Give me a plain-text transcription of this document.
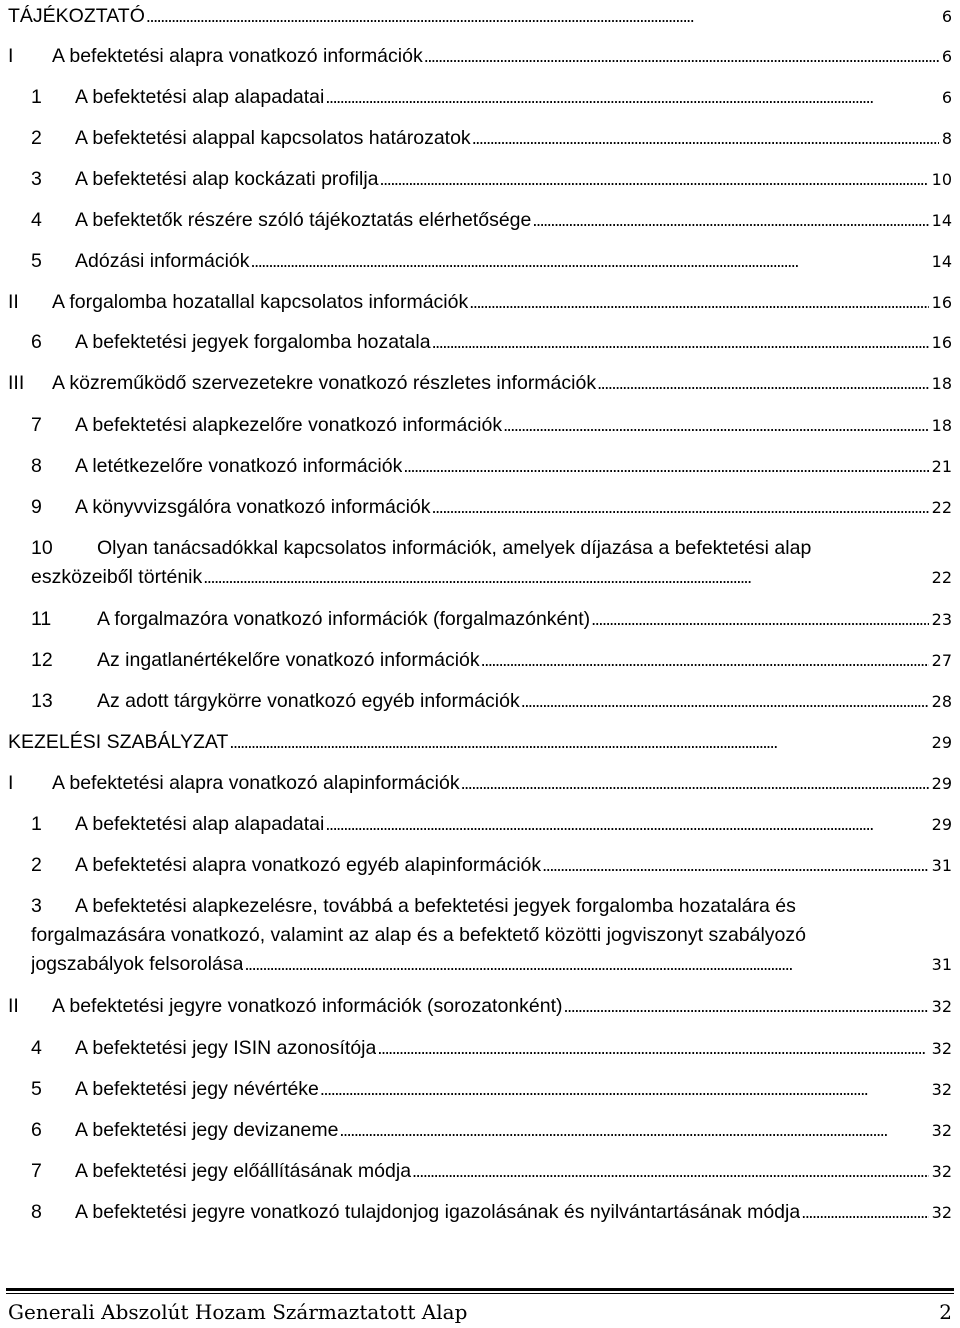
TÁJÉKOZTATÓ . . .	6
I	A befektetési alapra vonatkozó információk . . .	6
1	A befektetési alap alapadatai . . .	6
2	A befektetési alappal kapcsolatos határozatok . . .	8
3	A befektetési alap kockázati profilja . . .	10
4	A befektetők részére szóló tájékoztatás elérhetősége . . .	14
5	Adózási információk . . .	14
II	A forgalomba hozatallal kapcsolatos információk . . .	16
6	A befektetési jegyek forgalomba hozatala . . .	16
III	A közreműködő szervezetekre vonatkozó részletes információk . . .	18
7	A befektetési alapkezelőre vonatkozó információk . . .	18
8	A letétkezelőre vonatkozó információk . . .	21
9	A könyvvizsgálóra vonatkozó információk . . .	22
10 Olyan tanácsadókkal kapcsolatos információk, amelyek díjazása a befektetési alap
eszközeiből történik . . .	22
11	A forgalmazóra vonatkozó információk (forgalmazónként) . . .	23
12	Az ingatlanértékelőre vonatkozó információk . . .	27
13	Az adott tárgykörre vonatkozó egyéb információk . . .	28
KEZELÉSI SZABÁLYZAT . . .	29
I	A befektetési alapra vonatkozó alapinformációk . . .	29
1	A befektetési alap alapadatai . . .	29
2	A befektetési alapra vonatkozó egyéb alapinformációk . . .	31
3 A befektetési alapkezelésre, továbbá a befektetési jegyek forgalomba hozatalára és
forgalmazására vonatkozó, valamint az alap és a befektető közötti jogviszonyt szabályozó
jogszabályok felsorolása . . .	31
II	A befektetési jegyre vonatkozó információk (sorozatonként) . . .	32
4	A befektetési jegy ISIN azonosítója . . .	32
5	A befektetési jegy névértéke . . .	32
6	A befektetési jegy devizaneme . . .	32
7	A befektetési jegy előállításának módja . . .	32
8	A befektetési jegyre vonatkozó tulajdonjog igazolásának és nyilvántartásának módja . . .	32
Generali Abszolút Hozam Származtatott Alap	2
